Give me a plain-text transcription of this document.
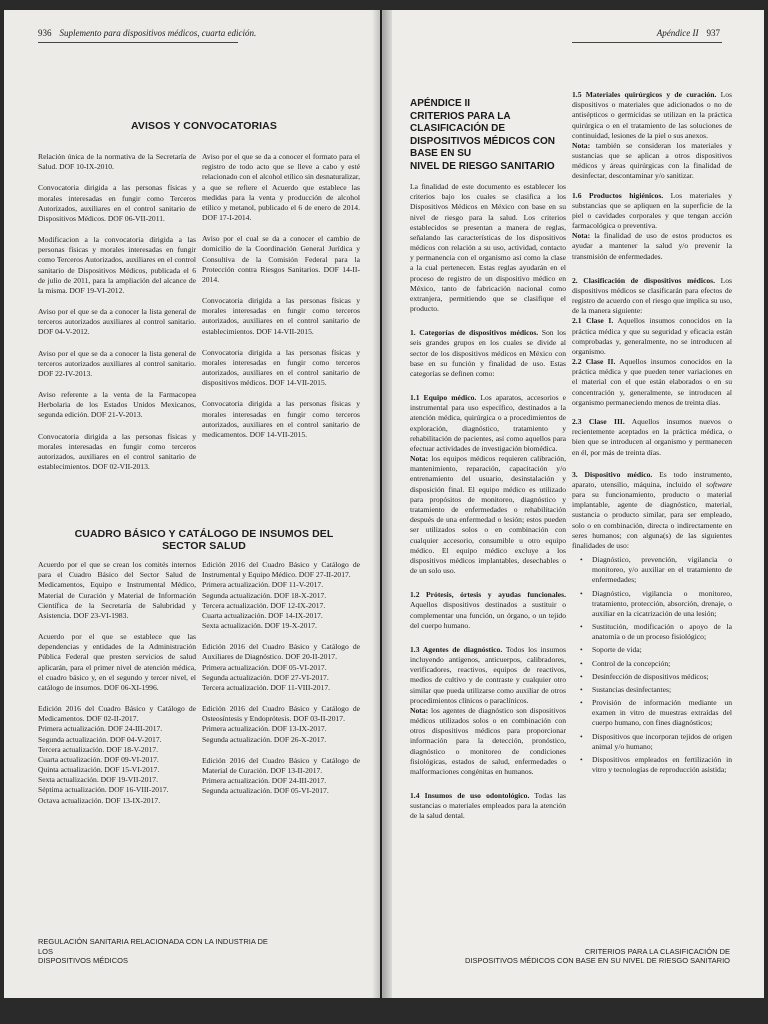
936 Suplemento para dispositivos médicos, cuarta edición.
AVISOS Y CONVOCATORIAS
Relación única de la normativa de la Secretaría de Salud. DOF 10-IX-2010.
Convocatoria dirigida a las personas físicas y morales interesadas en fungir como Terceros Autorizados, auxiliares en el control sanitario de Dispositivos Médicos. DOF 06-VII-2011.
Modificacion a la convocatoria dirigida a las personas físicas y morales interesadas en fungir como Terceros Autorizados, auxiliares en el control sanitario de Dispositivos Médicos, publicada el 6 de julio de 2011, para la ampliación del alcance de la misma. DOF 19-VI-2012.
Aviso por el que se da a conocer la lista general de terceros autorizados auxiliares al control sanitario. DOF 04-V-2012.
Aviso por el que se da a conocer la lista general de terceros autorizados auxiliares al control sanitario. DOF 22-IV-2013.
Aviso referente a la venta de la Farmacopea Herbolaria de los Estados Unidos Mexicanos, segunda edición. DOF 21-V-2013.
Convocatoria dirigida a las personas físicas y morales interesadas en fungir como terceros autorizados, auxiliares en el control sanitario de establecimientos. DOF 02-VII-2013.
Aviso por el que se da a conocer el formato para el registro de todo acto que se lleve a cabo y esté relacionado con el alcohol etílico sin desnaturalizar, a que se refiere el Acuerdo que establece las medidas para la venta y producción de alcohol etílico y metanol, publicado el 6 de enero de 2014. DOF 17-I-2014.
Aviso por el cual se da a conocer el cambio de domicilio de la Coordinación General Jurídica y Consultiva de la Comisión Federal para la Protección contra Riesgos Sanitarios. DOF 14-II-2014.
Convocatoria dirigida a las personas físicas y morales interesadas en fungir como terceros autorizados, auxiliares en el control sanitario de establecimientos. DOF 14-VII-2015.
Convocatoria dirigida a las personas físicas y morales interesadas en fungir como terceros autorizados, auxiliares en el control sanitario de dispositivos médicos. DOF 14-VII-2015.
Convocatoria dirigida a las personas físicas y morales interesadas en fungir como terceros autorizados, auxiliares en el control sanitario de medicamentos. DOF 14-VII-2015.
CUADRO BÁSICO Y CATÁLOGO DE INSUMOS DEL SECTOR SALUD
Acuerdo por el que se crean los comités internos para el Cuadro Básico del Sector Salud de Medicamentos, Equipo e Instrumental Médico, Material de Curación y Material de Información Científica de la Secretaría de Salubridad y Asistencia. DOF 23-VI-1983.
Acuerdo por el que se establece que las dependencias y entidades de la Administración Pública Federal que presten servicios de salud aplicarán, para el primer nivel de atención médica, el cuadro básico y, en el segundo y tercer nivel, el catálogo de insumos. DOF 06-XI-1996.
Edición 2016 del Cuadro Básico y Catálogo de Medicamentos. DOF 02-II-2017.
Primera actualización. DOF 24-III-2017.
Segunda actualización. DOF 04-V-2017.
Tercera actualización. DOF 18-V-2017.
Cuarta actualización. DOF 09-VI-2017.
Quinta actualización. DOF 15-VI-2017.
Sexta actualización. DOF 19-VII-2017.
Séptima actualización. DOF 16-VIII-2017.
Octava actualización. DOF 13-IX-2017.
Edición 2016 del Cuadro Básico y Catálogo de Instrumental y Equipo Médico. DOF 27-II-2017.
Primera actualización. DOF 11-V-2017.
Segunda actualización. DOF 18-X-2017.
Tercera actualización. DOF 12-IX-2017.
Cuarta actualización. DOF 14-IX-2017.
Sexta actualización. DOF 19-X-2017.
Edición 2016 del Cuadro Básico y Catálogo de Auxiliares de Diagnóstico. DOF 20-II-2017.
Primera actualización. DOF 05-VI-2017.
Segunda actualización. DOF 27-VI-2017.
Tercera actualización. DOF 11-VIII-2017.
Edición 2016 del Cuadro Básico y Catálogo de Osteosíntesis y Endoprótesis. DOF 03-II-2017.
Primera actualización. DOF 13-IX-2017.
Segunda actualización. DOF 26-X-2017.
Edición 2016 del Cuadro Básico y Catálogo de Material de Curación. DOF 13-II-2017.
Primera actualización. DOF 24-III-2017.
Segunda actualización. DOF 05-VI-2017.
REGULACIÓN SANITARIA RELACIONADA CON LA INDUSTRIA DE LOS
DISPOSITIVOS MÉDICOS
Apéndice II 937
APÉNDICE II
CRITERIOS PARA LA CLASIFICACIÓN DE
DISPOSITIVOS MÉDICOS CON BASE EN SU
NIVEL DE RIESGO SANITARIO

La finalidad de este documento es establecer los criterios bajo los cuales se clasifica a los Dispositivos Médicos en México con base en su nivel de riesgo para la salud. Los criterios establecidos se presentan a manera de reglas, señalando las características de los dispositivos médicos con relación a su uso, actividad, contacto y permanencia con el organismo así como la clase a la cual pertenecen. Estas reglas ayudarán en el proceso de registro de un dispositivo médico en México, tanto de fabricación nacional como extranjera, permitiendo que se clasifique el producto.

1. Categorías de dispositivos médicos. Son los seis grandes grupos en los cuales se divide al sector de los dispositivos médicos en México con base en su función y finalidad de uso. Estas categorías se definen como:

1.1 Equipo médico. Los aparatos, accesorios e instrumental para uso específico, destinados a la atención médica, quirúrgica o a procedimientos de exploración, diagnóstico, tratamiento y rehabilitación de pacientes, así como aquellos para efectuar actividades de investigación biomédica.
Nota: los equipos médicos requieren calibración, mantenimiento, reparación, capacitación y/o entrenamiento del usuario, desinstalación y disposición final. El equipo médico es utilizado para propósitos de monitoreo, diagnóstico y tratamiento de enfermedades o rehabilitación después de una enfermedad o lesión; estos pueden ser utilizados solos o en combinación con cualquier accesorio, consumible u otro equipo médico. El equipo médico excluye a los dispositivos médicos implantables, desechables o de un solo uso.

1.2 Prótesis, órtesis y ayudas funcionales. Aquellos dispositivos destinados a sustituir o complementar una función, un órgano, o un tejido del cuerpo humano.

1.3 Agentes de diagnóstico. Todos los insumos incluyendo antígenos, anticuerpos, calibradores, verificadores, reactivos, equipos de reactivos, medios de cultivo y de contraste y cualquier otro similar que pueda utilizarse como auxiliar de otros procedimientos clínicos o paraclínicos.
Nota: los agentes de diagnóstico son dispositivos médicos utilizados solos o en combinación con otros dispositivos médicos para proporcionar información para la detección, pronóstico, diagnóstico o monitoreo de condiciones fisiológicas, estados de salud, enfermedades o malformaciones congénitas en humanos.

1.4 Insumos de uso odontológico. Todas las sustancias o materiales empleados para la atención de la salud dental.

1.5 Materiales quirúrgicos y de curación. Los dispositivos o materiales que adicionados o no de antisépticos o germicidas se utilizan en la práctica quirúrgica o en el tratamiento de las soluciones de continuidad, lesiones de la piel o sus anexos.
Nota: también se consideran los materiales y sustancias que se aplican a otros dispositivos médicos y áreas quirúrgicas con la finalidad de desinfectar, descontaminar y/o sanitizar.

1.6 Productos higiénicos. Los materiales y substancias que se apliquen en la superficie de la piel o cavidades corporales y que tengan acción farmacológica o preventiva.
Nota: la finalidad de uso de estos productos es ayudar a mantener la salud y/o prevenir la transmisión de enfermedades.

2. Clasificación de dispositivos médicos. Los dispositivos médicos se clasificarán para efectos de registro de acuerdo con el riesgo que implica su uso, de la manera siguiente:
2.1 Clase I. Aquellos insumos conocidos en la práctica médica y que su seguridad y eficacia están comprobadas y, generalmente, no se introducen al organismo.
2.2 Clase II. Aquellos insumos conocidos en la práctica médica y que pueden tener variaciones en el material con el que están elaborados o en su concentración y, generalmente, se introducen al organismo permaneciendo menos de treinta días.

2.3 Clase III. Aquellos insumos nuevos o recientemente aceptados en la práctica médica, o bien que se introducen al organismo y permanecen en él, por más de treinta días.

3. Dispositivo médico. Es todo instrumento, aparato, utensilio, máquina, incluido el software para su funcionamiento, producto o material implantable, agente de diagnóstico, material, sustancia o producto similar, para ser empleado, solo o en combinación, directa o indirectamente en seres humanos; con alguna(s) de las siguientes finalidades de uso:

• Diagnóstico, prevención, vigilancia o monitoreo, y/o auxiliar en el tratamiento de enfermedades;
• Diagnóstico, vigilancia o monitoreo, tratamiento, protección, absorción, drenaje, o auxiliar en la cicatrización de una lesión;
• Sustitución, modificación o apoyo de la anatomía o de un proceso fisiológico;
• Soporte de vida;
• Control de la concepción;
• Desinfección de dispositivos médicos;
• Sustancias desinfectantes;
• Provisión de información mediante un examen in vitro de muestras extraídas del cuerpo humano, con fines diagnósticos;
• Dispositivos que incorporan tejidos de origen animal y/o humano;
• Dispositivos empleados en fertilización in vitro y tecnologías de reproducción asistida;
CRITERIOS PARA LA CLASIFICACIÓN DE
DISPOSITIVOS MÉDICOS CON BASE EN SU NIVEL DE RIESGO SANITARIO
